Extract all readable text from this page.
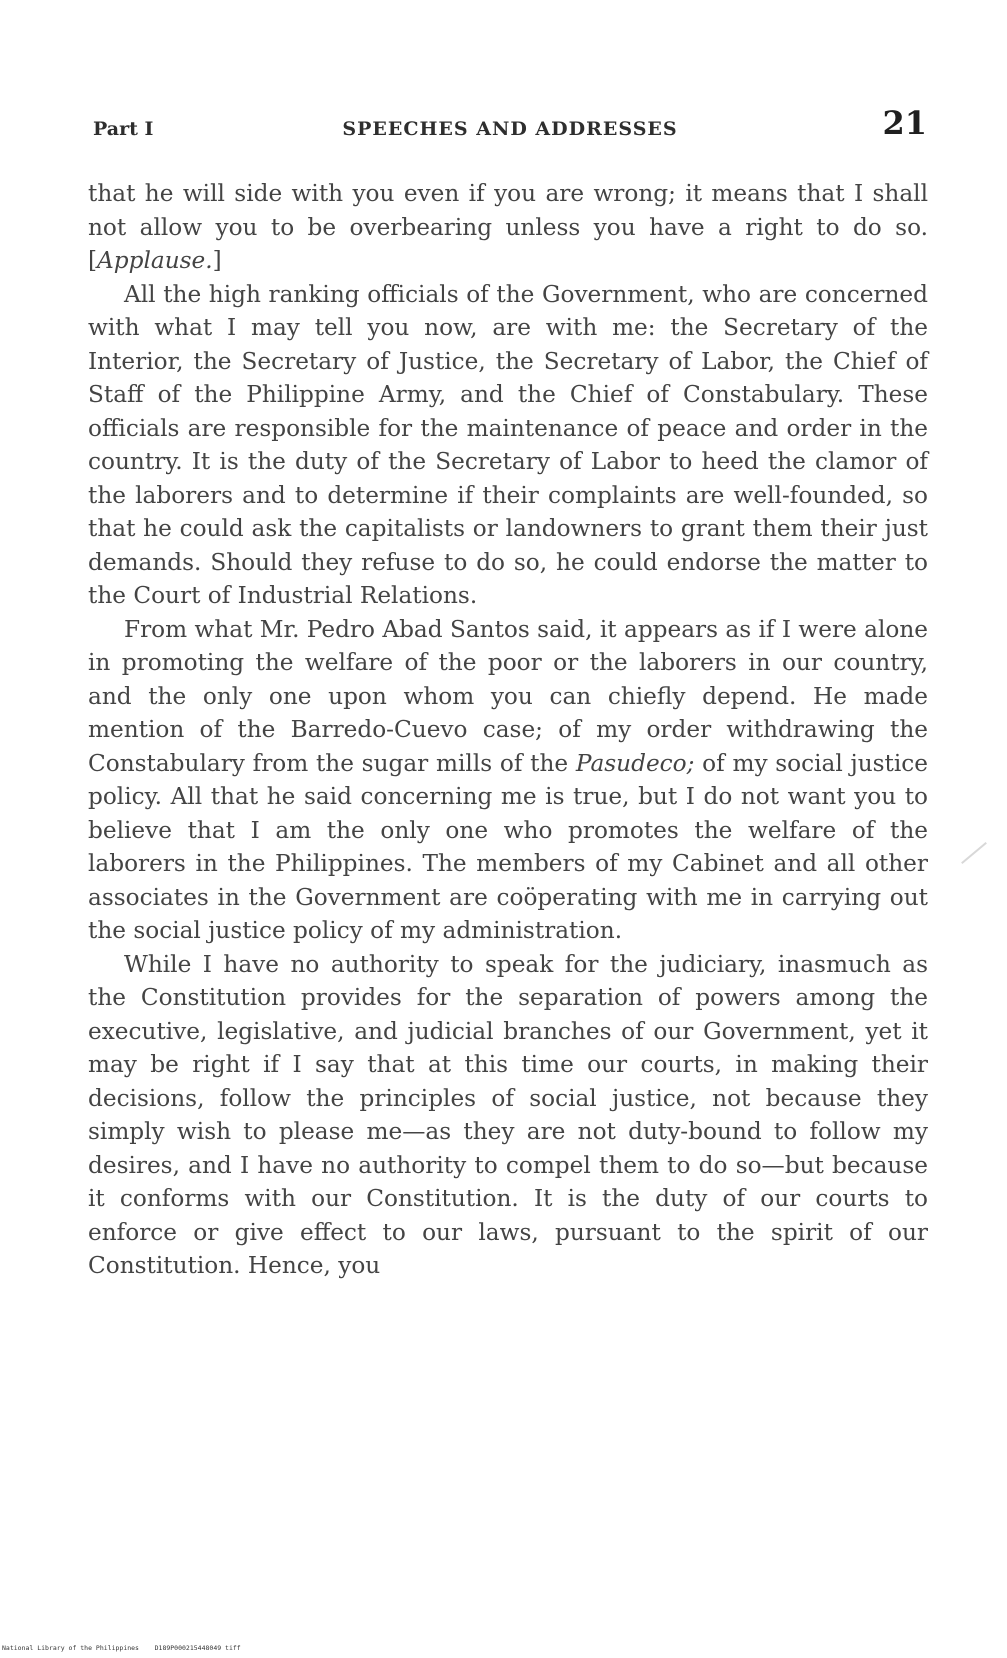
Part I	SPEECHES AND ADDRESSES	21

that he will side with you even if you are wrong; it means that I shall not allow you to be overbearing unless you have a right to do so. [Applause.]

All the high ranking officials of the Government, who are concerned with what I may tell you now, are with me: the Secretary of the Interior, the Secretary of Justice, the Secretary of Labor, the Chief of Staff of the Philippine Army, and the Chief of Constabulary. These officials are responsible for the maintenance of peace and order in the country. It is the duty of the Secretary of Labor to heed the clamor of the laborers and to determine if their complaints are well-founded, so that he could ask the capitalists or landowners to grant them their just demands. Should they refuse to do so, he could endorse the matter to the Court of Industrial Relations.

From what Mr. Pedro Abad Santos said, it appears as if I were alone in promoting the welfare of the poor or the laborers in our country, and the only one upon whom you can chiefly depend. He made mention of the Barredo-Cuevo case; of my order withdrawing the Constabulary from the sugar mills of the Pasudeco; of my social justice policy. All that he said concerning me is true, but I do not want you to believe that I am the only one who promotes the welfare of the laborers in the Philippines. The members of my Cabinet and all other associates in the Government are coöperating with me in carrying out the social justice policy of my administration.

While I have no authority to speak for the judiciary, inasmuch as the Constitution provides for the separation of powers among the executive, legislative, and judicial branches of our Government, yet it may be right if I say that at this time our courts, in making their decisions, follow the principles of social justice, not because they simply wish to please me—as they are not duty-bound to follow my desires, and I have no authority to compel them to do so—but because it conforms with our Constitution. It is the duty of our courts to enforce or give effect to our laws, pursuant to the spirit of our Constitution. Hence, you

National Library of the Philippines    D189P000215448049 tiff
